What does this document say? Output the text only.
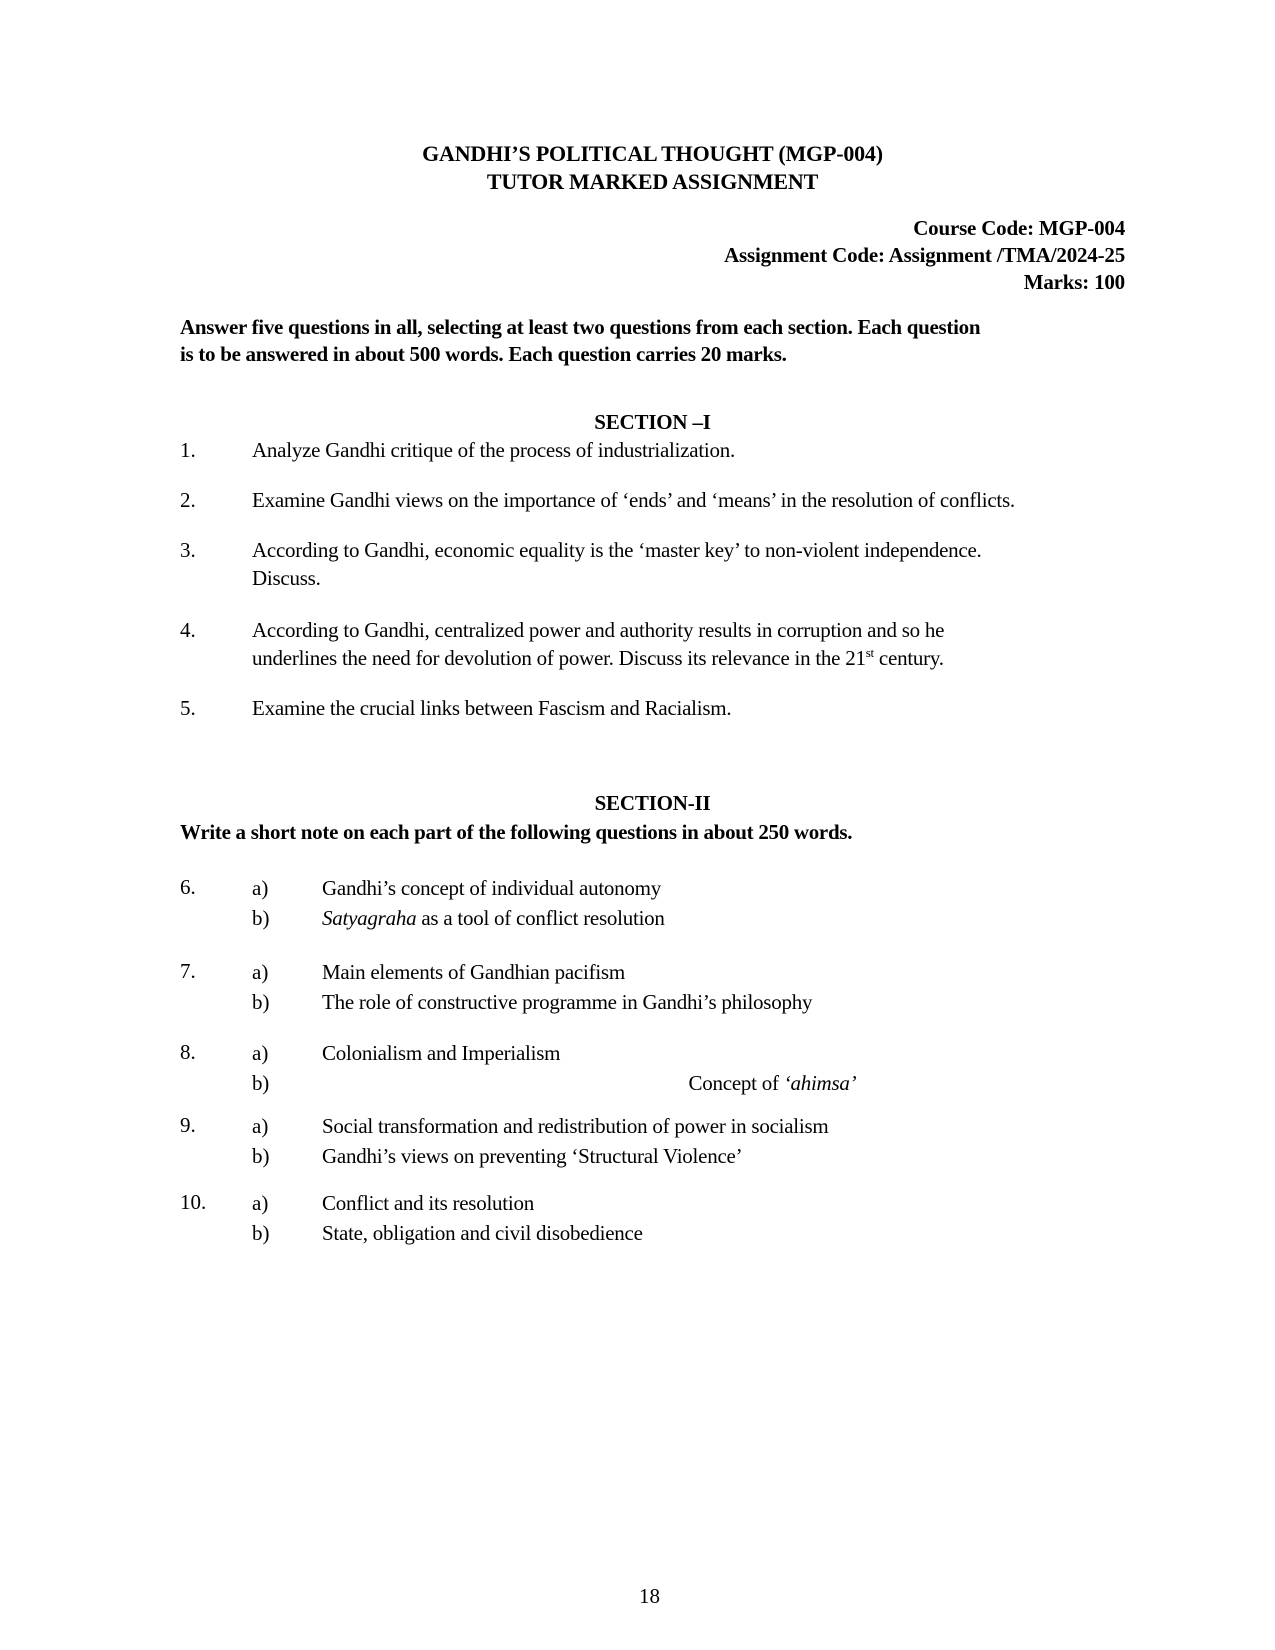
GANDHI’S POLITICAL THOUGHT (MGP-004)
TUTOR MARKED ASSIGNMENT
Course Code: MGP-004
Assignment Code: Assignment /TMA/2024-25
Marks: 100
Answer five questions in all, selecting at least two questions from each section. Each question
is to be answered in about 500 words. Each question carries 20 marks.
SECTION –I
1.	Analyze Gandhi critique of the process of industrialization.
2.	Examine Gandhi views on the importance of ‘ends’ and ‘means’ in the resolution of conflicts.
3.	According to Gandhi, economic equality is the ‘master key’ to non-violent independence.
Discuss.
4.	According to Gandhi, centralized power and authority results in corruption and so he
underlines the need for devolution of power. Discuss its relevance in the 21st century.
5.	Examine the crucial links between Fascism and Racialism.
SECTION-II
Write a short note on each part of the following questions in about 250 words.
6.	a)	Gandhi’s concept of individual autonomy
b)	Satyagraha as a tool of conflict resolution
7.	a)	Main elements of Gandhian pacifism
b)	The role of constructive programme in Gandhi’s philosophy
8.	a)	Colonialism and Imperialism
b)	Concept of ‘ahimsa’
9.	a)	Social transformation and redistribution of power in socialism
b)	Gandhi’s views on preventing ‘Structural Violence’
10.	a)	Conflict and its resolution
b)	State, obligation and civil disobedience
18
